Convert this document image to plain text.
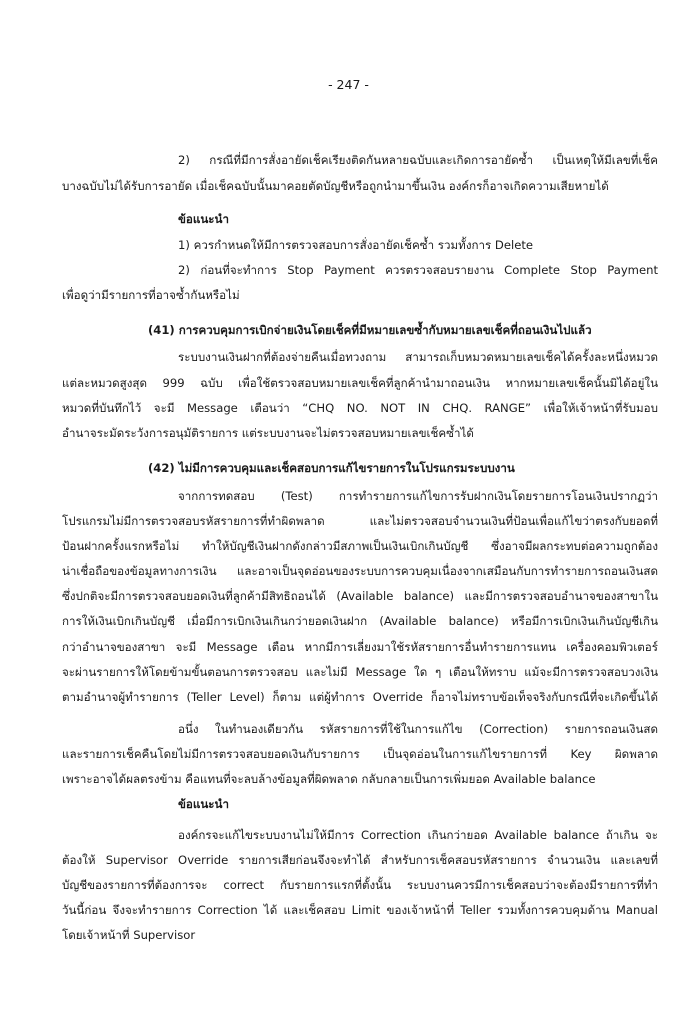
- 247 -
2) กรณีที่มีการสั่งอายัดเช็คเรียงติดกันหลายฉบับและเกิดการอายัดซ้ำ เป็นเหตุให้มีเลขที่เช็ค
บางฉบับไม่ได้รับการอายัด เมื่อเช็คฉบับนั้นมาคอยตัดบัญชีหรือถูกนำมาขึ้นเงิน องค์กรก็อาจเกิดความเสียหายได้
ข้อแนะนำ
1) ควรกำหนดให้มีการตรวจสอบการสั่งอายัดเช็คซ้ำ รวมทั้งการ Delete
2) ก่อนที่จะทำการ Stop Payment ควรตรวจสอบรายงาน Complete Stop Payment
เพื่อดูว่ามีรายการที่อาจซ้ำกันหรือไม่
(41) การควบคุมการเบิกจ่ายเงินโดยเช็คที่มีหมายเลขซ้ำกับหมายเลขเช็คที่ถอนเงินไปแล้ว
ระบบงานเงินฝากที่ต้องจ่ายคืนเมื่อทวงถาม สามารถเก็บหมวดหมายเลขเช็คได้ครั้งละหนึ่งหมวด
แต่ละหมวดสูงสุด 999 ฉบับ เพื่อใช้ตรวจสอบหมายเลขเช็คที่ลูกค้านำมาถอนเงิน หากหมายเลขเช็คนั้นมิได้อยู่ใน
หมวดที่บันทึกไว้ จะมี Message เตือนว่า “CHQ NO. NOT IN CHQ. RANGE” เพื่อให้เจ้าหน้าที่รับมอบ
อำนาจระมัดระวังการอนุมัติรายการ แต่ระบบงานจะไม่ตรวจสอบหมายเลขเช็คซ้ำได้
(42) ไม่มีการควบคุมและเช็คสอบการแก้ไขรายการในโปรแกรมระบบงาน
จากการทดสอบ (Test) การทำรายการแก้ไขการรับฝากเงินโดยรายการโอนเงินปรากฏว่า
โปรแกรมไม่มีการตรวจสอบรหัสรายการที่ทำผิดพลาด และไม่ตรวจสอบจำนวนเงินที่ป้อนเพื่อแก้ไขว่าตรงกับยอดที่
ป้อนฝากครั้งแรกหรือไม่ ทำให้บัญชีเงินฝากดังกล่าวมีสภาพเป็นเงินเบิกเกินบัญชี ซึ่งอาจมีผลกระทบต่อความถูกต้อง
น่าเชื่อถือของข้อมูลทางการเงิน และอาจเป็นจุดอ่อนของระบบการควบคุมเนื่องจากเสมือนกับการทำรายการถอนเงินสด
ซึ่งปกติจะมีการตรวจสอบยอดเงินที่ลูกค้ามีสิทธิถอนได้ (Available balance) และมีการตรวจสอบอำนาจของสาขาใน
การให้เงินเบิกเกินบัญชี เมื่อมีการเบิกเงินเกินกว่ายอดเงินฝาก (Available balance) หรือมีการเบิกเงินเกินบัญชีเกิน
กว่าอำนาจของสาขา จะมี Message เตือน หากมีการเลี่ยงมาใช้รหัสรายการอื่นทำรายการแทน เครื่องคอมพิวเตอร์
จะผ่านรายการให้โดยข้ามขั้นตอนการตรวจสอบ และไม่มี Message ใด ๆ เตือนให้ทราบ แม้จะมีการตรวจสอบวงเงิน
ตามอำนาจผู้ทำรายการ (Teller Level) ก็ตาม แต่ผู้ทำการ Override ก็อาจไม่ทราบข้อเท็จจริงกับกรณีที่จะเกิดขึ้นได้
อนึ่ง ในทำนองเดียวกัน รหัสรายการที่ใช้ในการแก้ไข (Correction) รายการถอนเงินสด
และรายการเช็คคืนโดยไม่มีการตรวจสอบยอดเงินกับรายการ เป็นจุดอ่อนในการแก้ไขรายการที่ Key ผิดพลาด
เพราะอาจได้ผลตรงข้าม คือแทนที่จะลบล้างข้อมูลที่ผิดพลาด กลับกลายเป็นการเพิ่มยอด Available balance
ข้อแนะนำ
องค์กรจะแก้ไขระบบงานไม่ให้มีการ Correction เกินกว่ายอด Available balance ถ้าเกิน จะ
ต้องให้ Supervisor Override รายการเสียก่อนจึงจะทำได้ สำหรับการเช็คสอบรหัสรายการ จำนวนเงิน และเลขที่
บัญชีของรายการที่ต้องการจะ correct กับรายการแรกที่ตั้งนั้น ระบบงานควรมีการเช็คสอบว่าจะต้องมีรายการที่ทำ
วันนี้ก่อน จึงจะทำรายการ Correction ได้ และเช็คสอบ Limit ของเจ้าหน้าที่ Teller รวมทั้งการควบคุมด้าน Manual
โดยเจ้าหน้าที่ Supervisor
